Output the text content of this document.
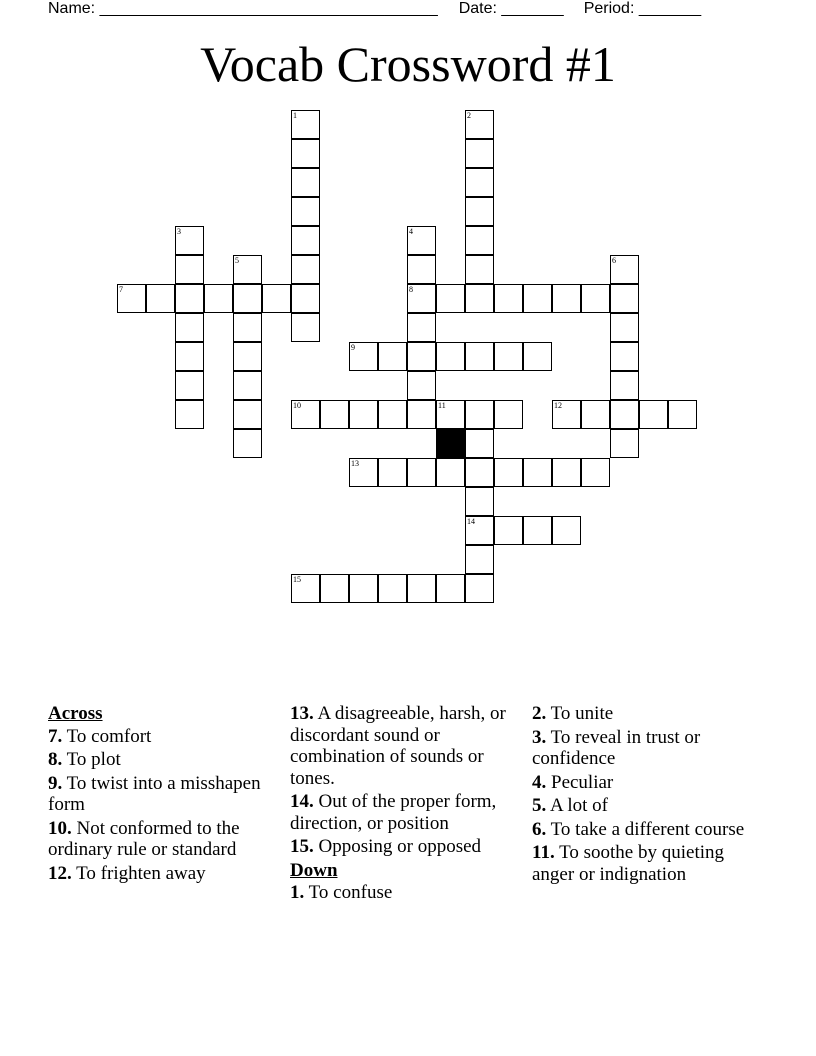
Name: ______________________________________ Date: _______ Period: _______
Vocab Crossword #1
1	2
3	4
5	6
7	8
9
10	11	12
13
14
15
Across
7. To comfort
8. To plot
9. To twist into a misshapen form
10. Not conformed to the ordinary rule or standard
12. To frighten away
13. A disagreeable, harsh, or discordant sound or combination of sounds or tones.
14. Out of the proper form, direction, or position
15. Opposing or opposed
Down
1. To confuse
2. To unite
3. To reveal in trust or confidence
4. Peculiar
5. A lot of
6. To take a different course
11. To soothe by quieting anger or indignation
